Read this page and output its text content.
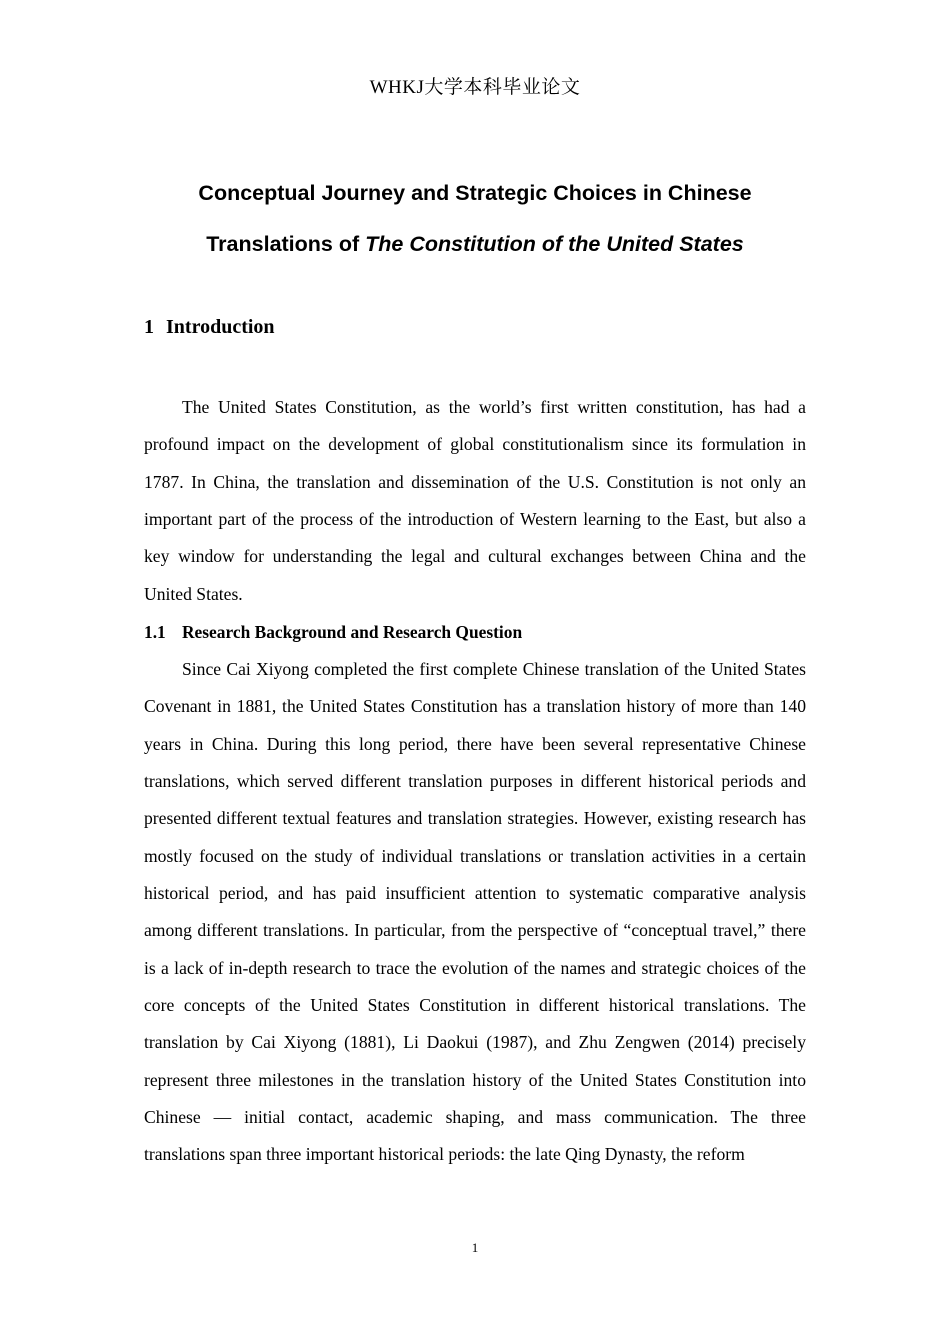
WHKJ大学本科毕业论文
Conceptual Journey and Strategic Choices in Chinese
Translations of The Constitution of the United States
1 Introduction

The United States Constitution, as the world’s first written constitution, has had a profound impact on the development of global constitutionalism since its formulation in 1787. In China, the translation and dissemination of the U.S. Constitution is not only an important part of the process of the introduction of Western learning to the East, but also a key window for understanding the legal and cultural exchanges between China and the United States.

1.1 Research Background and Research Question

Since Cai Xiyong completed the first complete Chinese translation of the United States Covenant in 1881, the United States Constitution has a translation history of more than 140 years in China. During this long period, there have been several representative Chinese translations, which served different translation purposes in different historical periods and presented different textual features and translation strategies. However, existing research has mostly focused on the study of individual translations or translation activities in a certain historical period, and has paid insufficient attention to systematic comparative analysis among different translations. In particular, from the perspective of “conceptual travel,” there is a lack of in-depth research to trace the evolution of the names and strategic choices of the core concepts of the United States Constitution in different historical translations. The translation by Cai Xiyong (1881), Li Daokui (1987), and Zhu Zengwen (2014) precisely represent three milestones in the translation history of the United States Constitution into Chinese — initial contact, academic shaping, and mass communication. The three translations span three important historical periods: the late Qing Dynasty, the reform

1
